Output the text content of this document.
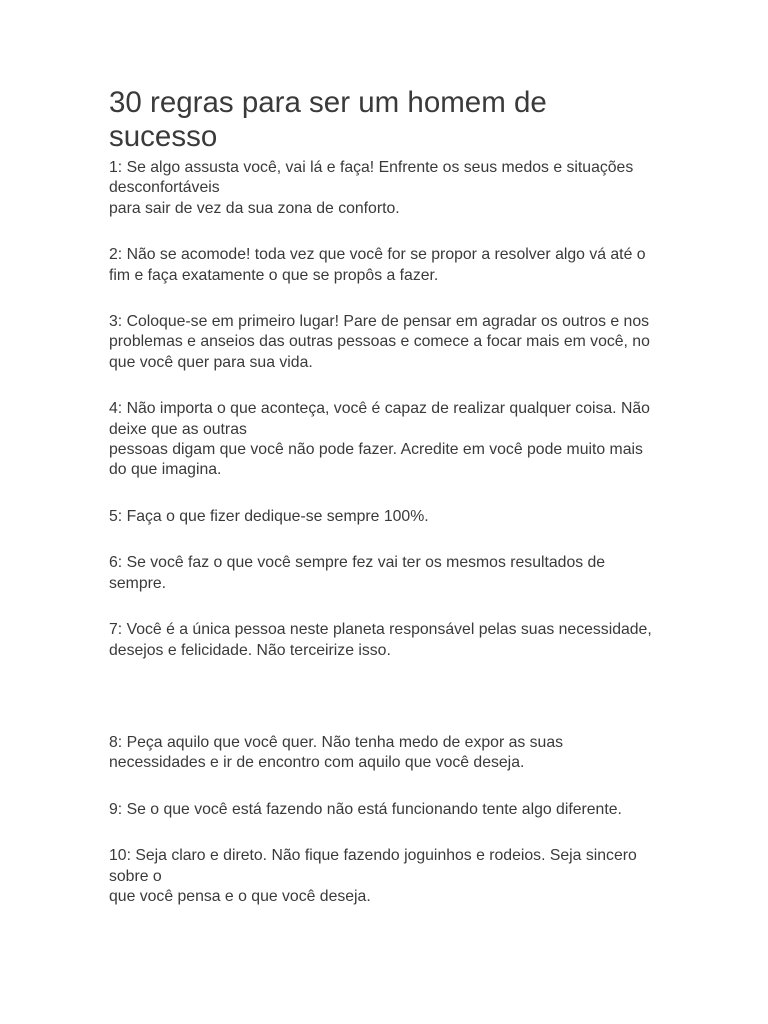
30 regras para ser um homem de sucesso

1: Se algo assusta você, vai lá e faça! Enfrente os seus medos e situações desconfortáveis
para sair de vez da sua zona de conforto.

2: Não se acomode! toda vez que você for se propor a resolver algo vá até o fim e faça exatamente o que se propôs a fazer.

3: Coloque-se em primeiro lugar! Pare de pensar em agradar os outros e nos problemas e anseios das outras pessoas e comece a focar mais em você, no que você quer para sua vida.

4: Não importa o que aconteça, você é capaz de realizar qualquer coisa. Não deixe que as outras
pessoas digam que você não pode fazer. Acredite em você pode muito mais do que imagina.

5: Faça o que fizer dedique-se sempre 100%.

6: Se você faz o que você sempre fez vai ter os mesmos resultados de sempre.

7: Você é a única pessoa neste planeta responsável pelas suas necessidade, desejos e felicidade. Não terceirize isso.

8: Peça aquilo que você quer. Não tenha medo de expor as suas necessidades e ir de encontro com aquilo que você deseja.

9: Se o que você está fazendo não está funcionando tente algo diferente.

10: Seja claro e direto. Não fique fazendo joguinhos e rodeios. Seja sincero sobre o
que você pensa e o que você deseja.
